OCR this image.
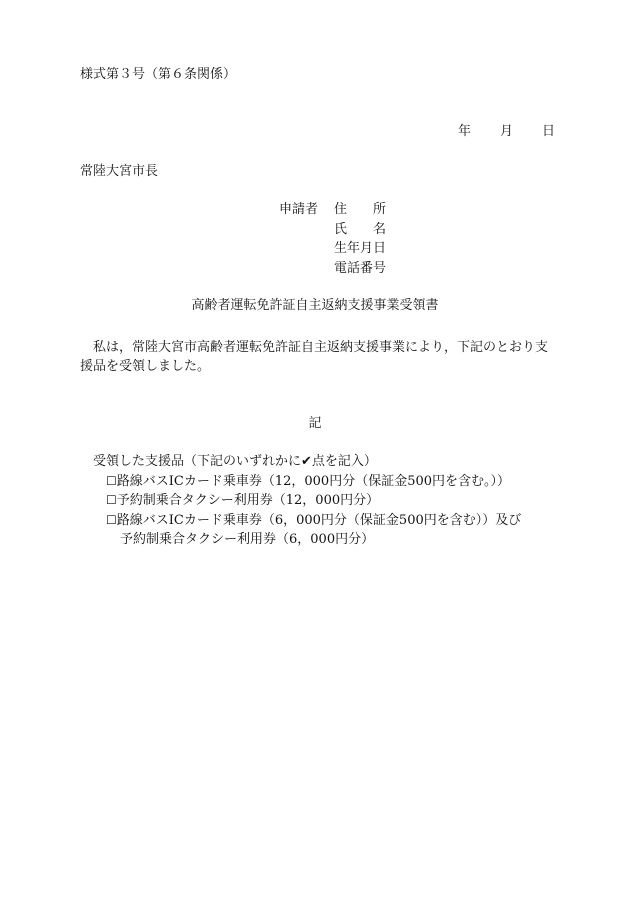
様式第３号（第６条関係）
年 月 日
常陸大宮市長
申請者 住 所
氏 名
生年月日
電話番号
高齢者運転免許証自主返納支援事業受領書
私は，常陸大宮市高齢者運転免許証自主返納支援事業により，下記のとおり支援品を受領しました。
記
受領した支援品（下記のいずれかに✔点を記入）
☐路線バスICカード乗車券（12，000円分（保証金500円を含む。））
☐予約制乗合タクシー利用券（12，000円分）
☐路線バスICカード乗車券（6，000円分（保証金500円を含む））及び
予約制乗合タクシー利用券（6，000円分）
